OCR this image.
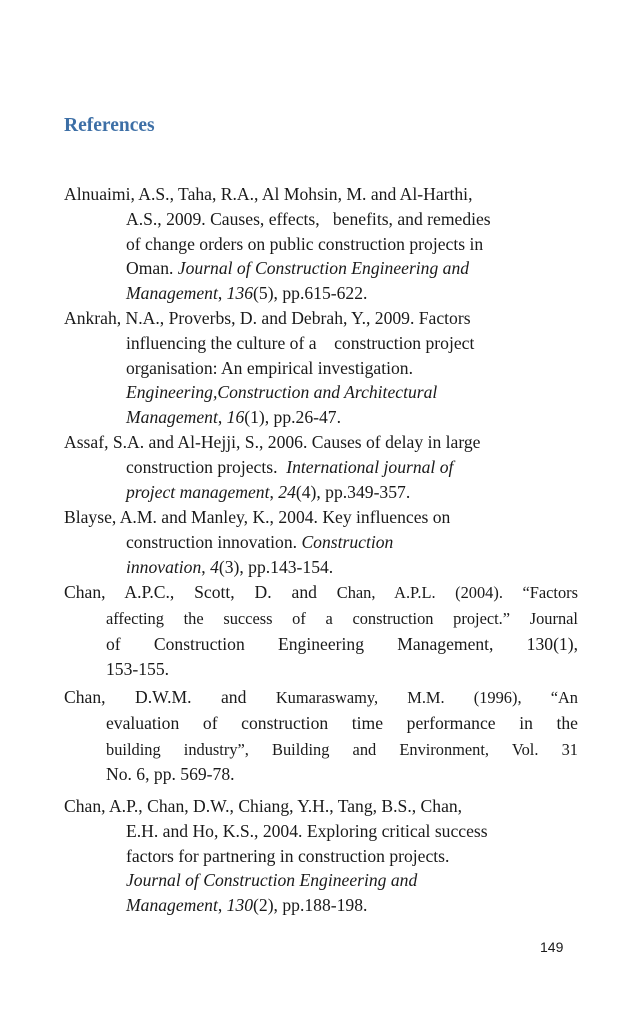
References
Alnuaimi, A.S., Taha, R.A., Al Mohsin, M. and Al-Harthi,
A.S., 2009. Causes, effects,   benefits, and remedies
of change orders on public construction projects in
Oman. Journal of Construction Engineering and
Management, 136(5), pp.615-622.
Ankrah, N.A., Proverbs, D. and Debrah, Y., 2009. Factors
influencing the culture of a    construction project
organisation: An empirical investigation.
Engineering,Construction and Architectural
Management, 16(1), pp.26-47.
Assaf, S.A. and Al-Hejji, S., 2006. Causes of delay in large
construction projects.  International journal of
project management, 24(4), pp.349-357.
Blayse, A.M. and Manley, K., 2004. Key influences on
construction innovation. Construction
innovation, 4(3), pp.143-154.
Chan, A.P.C., Scott, D. and Chan, A.P.L. (2004). “Factors
affecting the success of a construction project.” Journal
of Construction Engineering Management, 130(1),
153-155.
Chan, D.W.M. and Kumaraswamy, M.M. (1996), “An
evaluation of construction time performance in the
building industry”, Building and Environment, Vol. 31
No. 6, pp. 569-78.
Chan, A.P., Chan, D.W., Chiang, Y.H., Tang, B.S., Chan,
E.H. and Ho, K.S., 2004. Exploring critical success
factors for partnering in construction projects.
Journal of Construction Engineering and
Management, 130(2), pp.188-198.
149
